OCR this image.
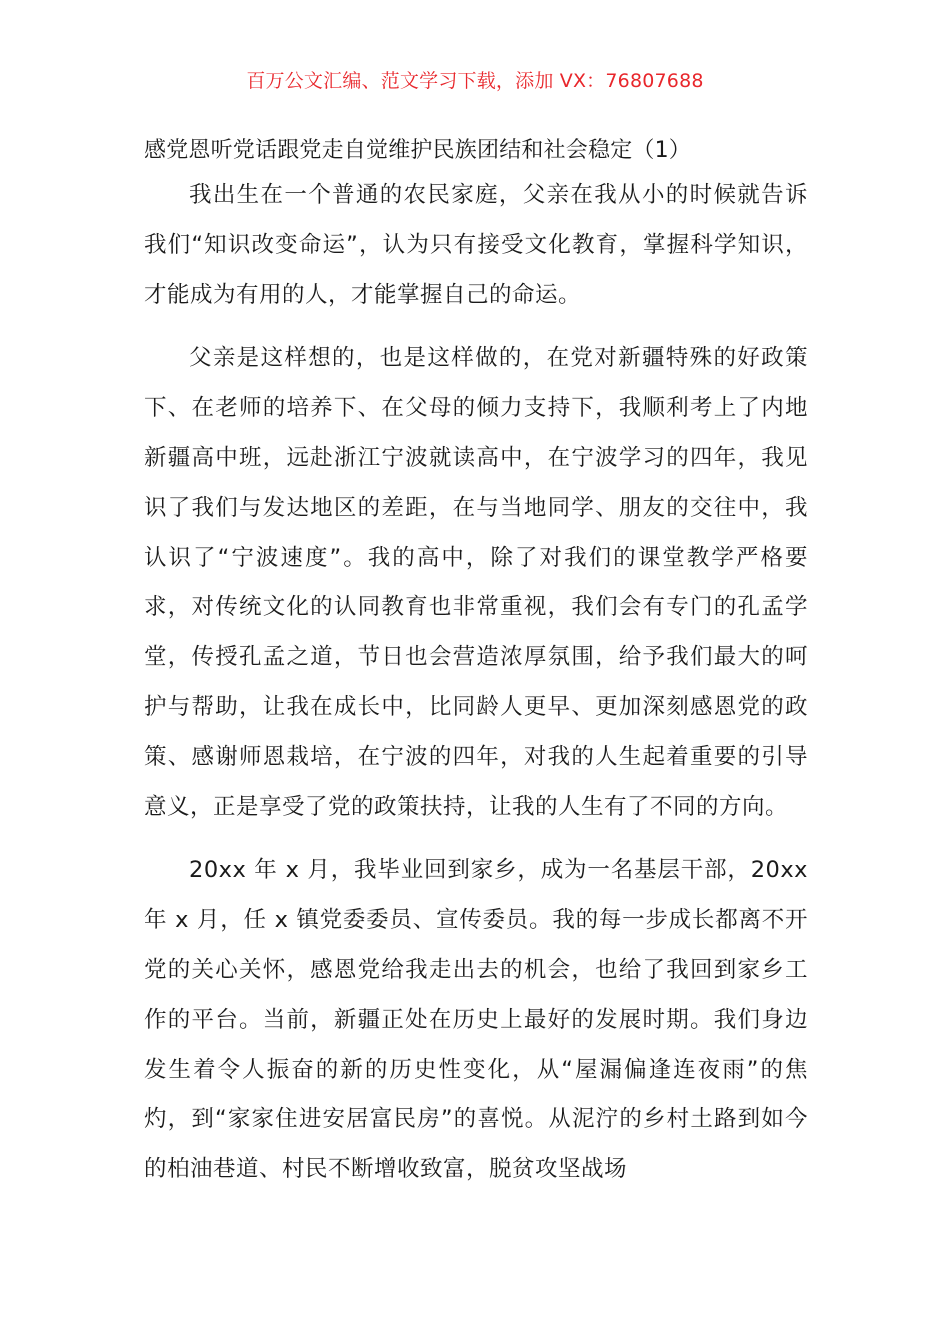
百万公文汇编、范文学习下载，添加 VX：76807688
感党恩听党话跟党走自觉维护民族团结和社会稳定（1）

我出生在一个普通的农民家庭，父亲在我从小的时候就告诉我们“知识改变命运”，认为只有接受文化教育，掌握科学知识，才能成为有用的人，才能掌握自己的命运。

父亲是这样想的，也是这样做的，在党对新疆特殊的好政策下、在老师的培养下、在父母的倾力支持下，我顺利考上了内地新疆高中班，远赴浙江宁波就读高中，在宁波学习的四年，我见识了我们与发达地区的差距，在与当地同学、朋友的交往中，我认识了“宁波速度”。我的高中，除了对我们的课堂教学严格要求，对传统文化的认同教育也非常重视，我们会有专门的孔孟学堂，传授孔孟之道，节日也会营造浓厚氛围，给予我们最大的呵护与帮助，让我在成长中，比同龄人更早、更加深刻感恩党的政策、感谢师恩栽培，在宁波的四年，对我的人生起着重要的引导意义，正是享受了党的政策扶持，让我的人生有了不同的方向。

20xx 年 x 月，我毕业回到家乡，成为一名基层干部，20xx 年 x 月，任 x 镇党委委员、宣传委员。我的每一步成长都离不开党的关心关怀，感恩党给我走出去的机会，也给了我回到家乡工作的平台。当前，新疆正处在历史上最好的发展时期。我们身边发生着令人振奋的新的历史性变化，从“屋漏偏逢连夜雨”的焦灼，到“家家住进安居富民房”的喜悦。从泥泞的乡村土路到如今的柏油巷道、村民不断增收致富，脱贫攻坚战场
